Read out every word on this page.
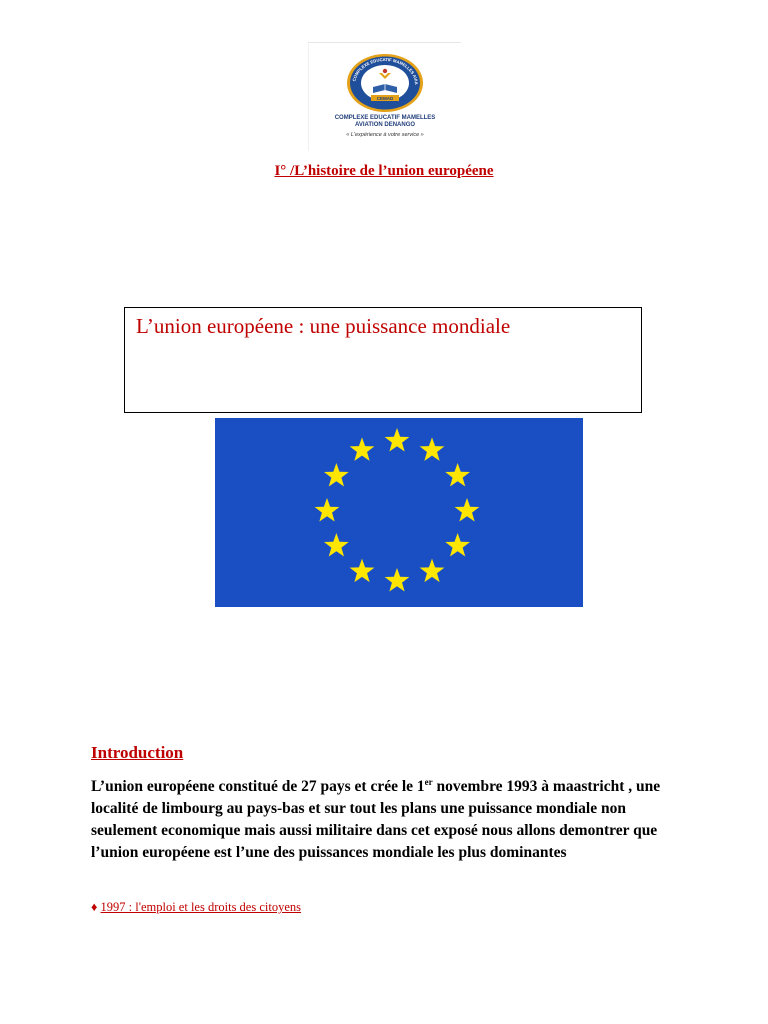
COMPLEXE EDUCATIF MAMELLES AVIA
CEMAD
COMPLEXE EDUCATIF MAMELLES
AVIATION DENANGO
« L'expérience à votre service »
I° /L’histoire de l’union européene
L’union européene : une puissance mondiale
Introduction
L’union européene constitué de 27 pays et crée le 1er novembre 1993 à maastricht , une localité de limbourg au pays-bas et sur tout les plans une puissance mondiale non seulement economique mais aussi militaire dans cet exposé nous allons demontrer que l’union européene est l’une des puissances mondiale les plus dominantes
♦ 1997 : l'emploi et les droits des citoyens
